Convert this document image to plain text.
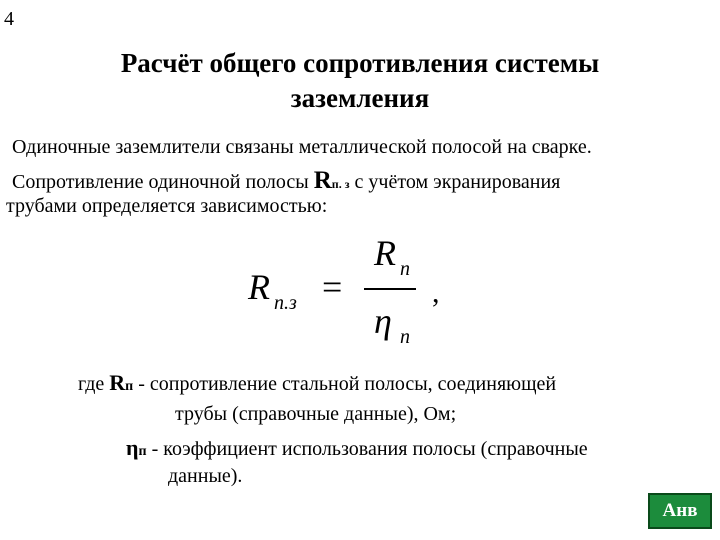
4
Расчёт общего сопротивления системы
заземления
Одиночные заземлители связаны металлической полосой на сварке.
Сопротивление одиночной полосы Rп. з с учётом экранирования
трубами определяется зависимостью:
R п.з =
R п
η п
,
где Rп - сопротивление стальной полосы, соединяющей
трубы (справочные данные), Ом;
ηп - коэффициент использования полосы (справочные
данные).
Анв
